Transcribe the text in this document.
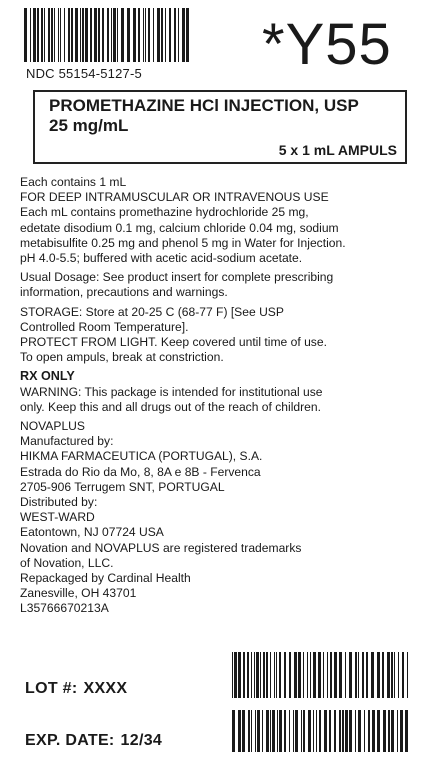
NDC 55154-5127-5 *Y55
PROMETHAZINE HCl INJECTION, USP
25 mg/mL
5 x 1 mL AMPULS

Each contains 1 mL

FOR DEEP INTRAMUSCULAR OR INTRAVENOUS USE

Each mL contains promethazine hydrochloride 25 mg,

edetate disodium 0.1 mg, calcium chloride 0.04 mg, sodium

metabisulfite 0.25 mg and phenol 5 mg in Water for Injection.

pH 4.0-5.5; buffered with acetic acid-sodium acetate.

Usual Dosage: See product insert for complete prescribing

information, precautions and warnings.

STORAGE: Store at 20-25 C (68-77 F) [See USP

Controlled Room Temperature].

PROTECT FROM LIGHT. Keep covered until time of use.

To open ampuls, break at constriction.

RX ONLY

WARNING: This package is intended for institutional use

only. Keep this and all drugs out of the reach of children.

NOVAPLUS

Manufactured by:

HIKMA FARMACEUTICA (PORTUGAL), S.A.

Estrada do Rio da Mo, 8, 8A e 8B - Fervenca

2705-906 Terrugem SNT, PORTUGAL

Distributed by:

WEST-WARD

Eatontown, NJ 07724 USA

Novation and NOVAPLUS are registered trademarks

of Novation, LLC.

Repackaged by Cardinal Health

Zanesville, OH 43701

L35766670213A

LOT #: XXXX
EXP. DATE: 12/34
